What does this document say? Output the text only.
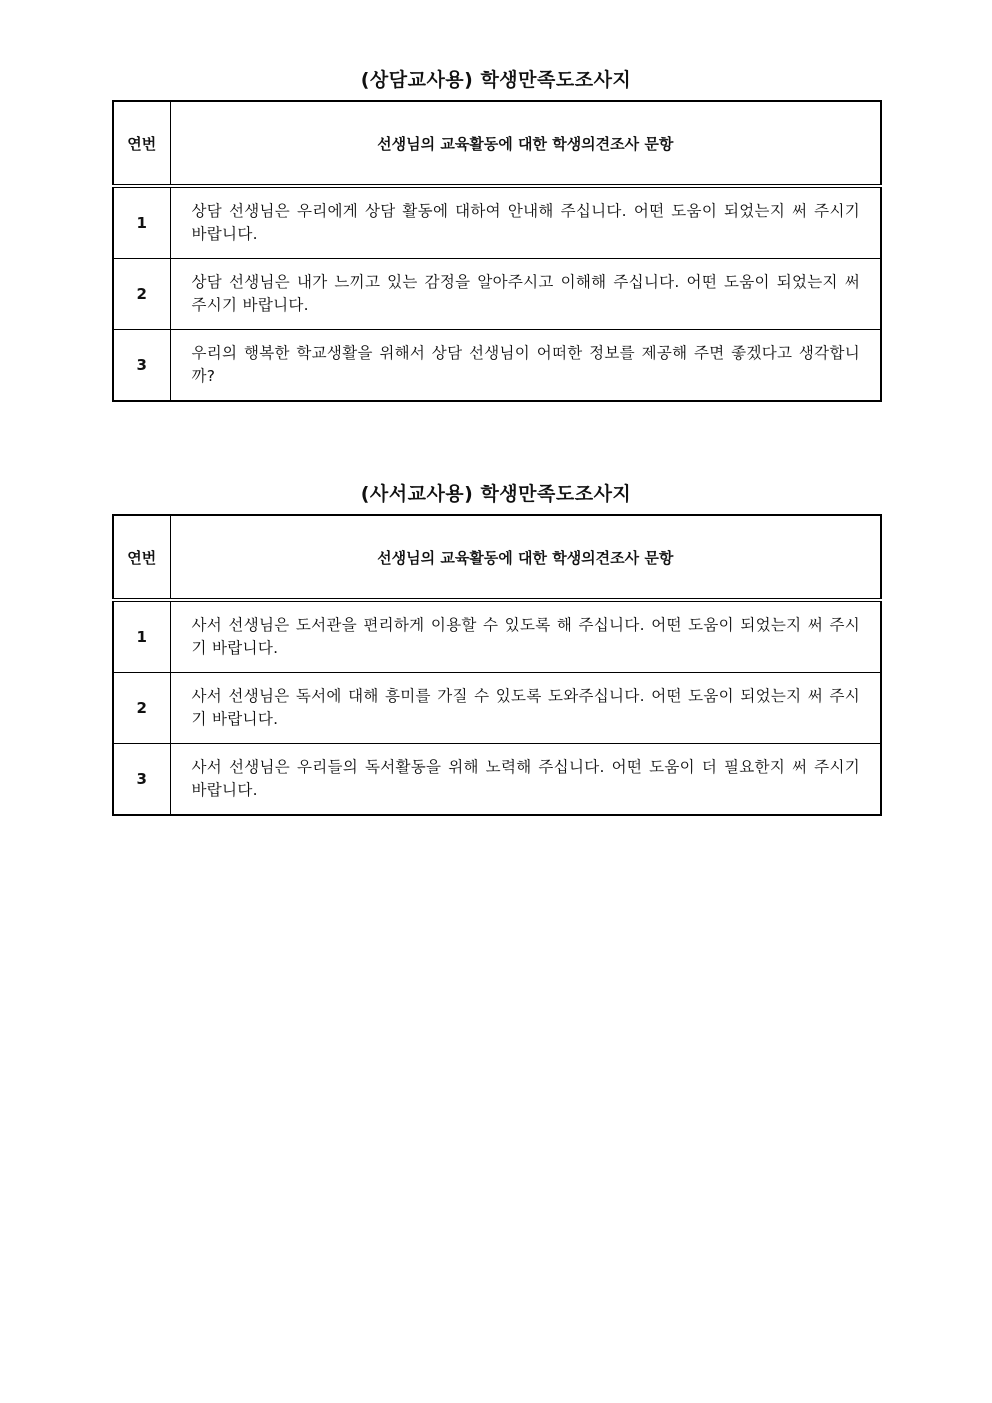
(상담교사용) 학생만족도조사지
연번	선생님의 교육활동에 대한 학생의견조사 문항
1	상담 선생님은 우리에게 상담 활동에 대하여 안내해 주십니다. 어떤 도움이 되었는지 써 주시기 바랍니다.
2	상담 선생님은 내가 느끼고 있는 감정을 알아주시고 이해해 주십니다. 어떤 도움이 되었는지 써 주시기 바랍니다.
3	우리의 행복한 학교생활을 위해서 상담 선생님이 어떠한 정보를 제공해 주면 좋겠다고 생각합니까?
(사서교사용) 학생만족도조사지
연번	선생님의 교육활동에 대한 학생의견조사 문항
1	사서 선생님은 도서관을 편리하게 이용할 수 있도록 해 주십니다. 어떤 도움이 되었는지 써 주시기 바랍니다.
2	사서 선생님은 독서에 대해 흥미를 가질 수 있도록 도와주십니다. 어떤 도움이 되었는지 써 주시기 바랍니다.
3	사서 선생님은 우리들의 독서활동을 위해 노력해 주십니다. 어떤 도움이 더 필요한지 써 주시기 바랍니다.
